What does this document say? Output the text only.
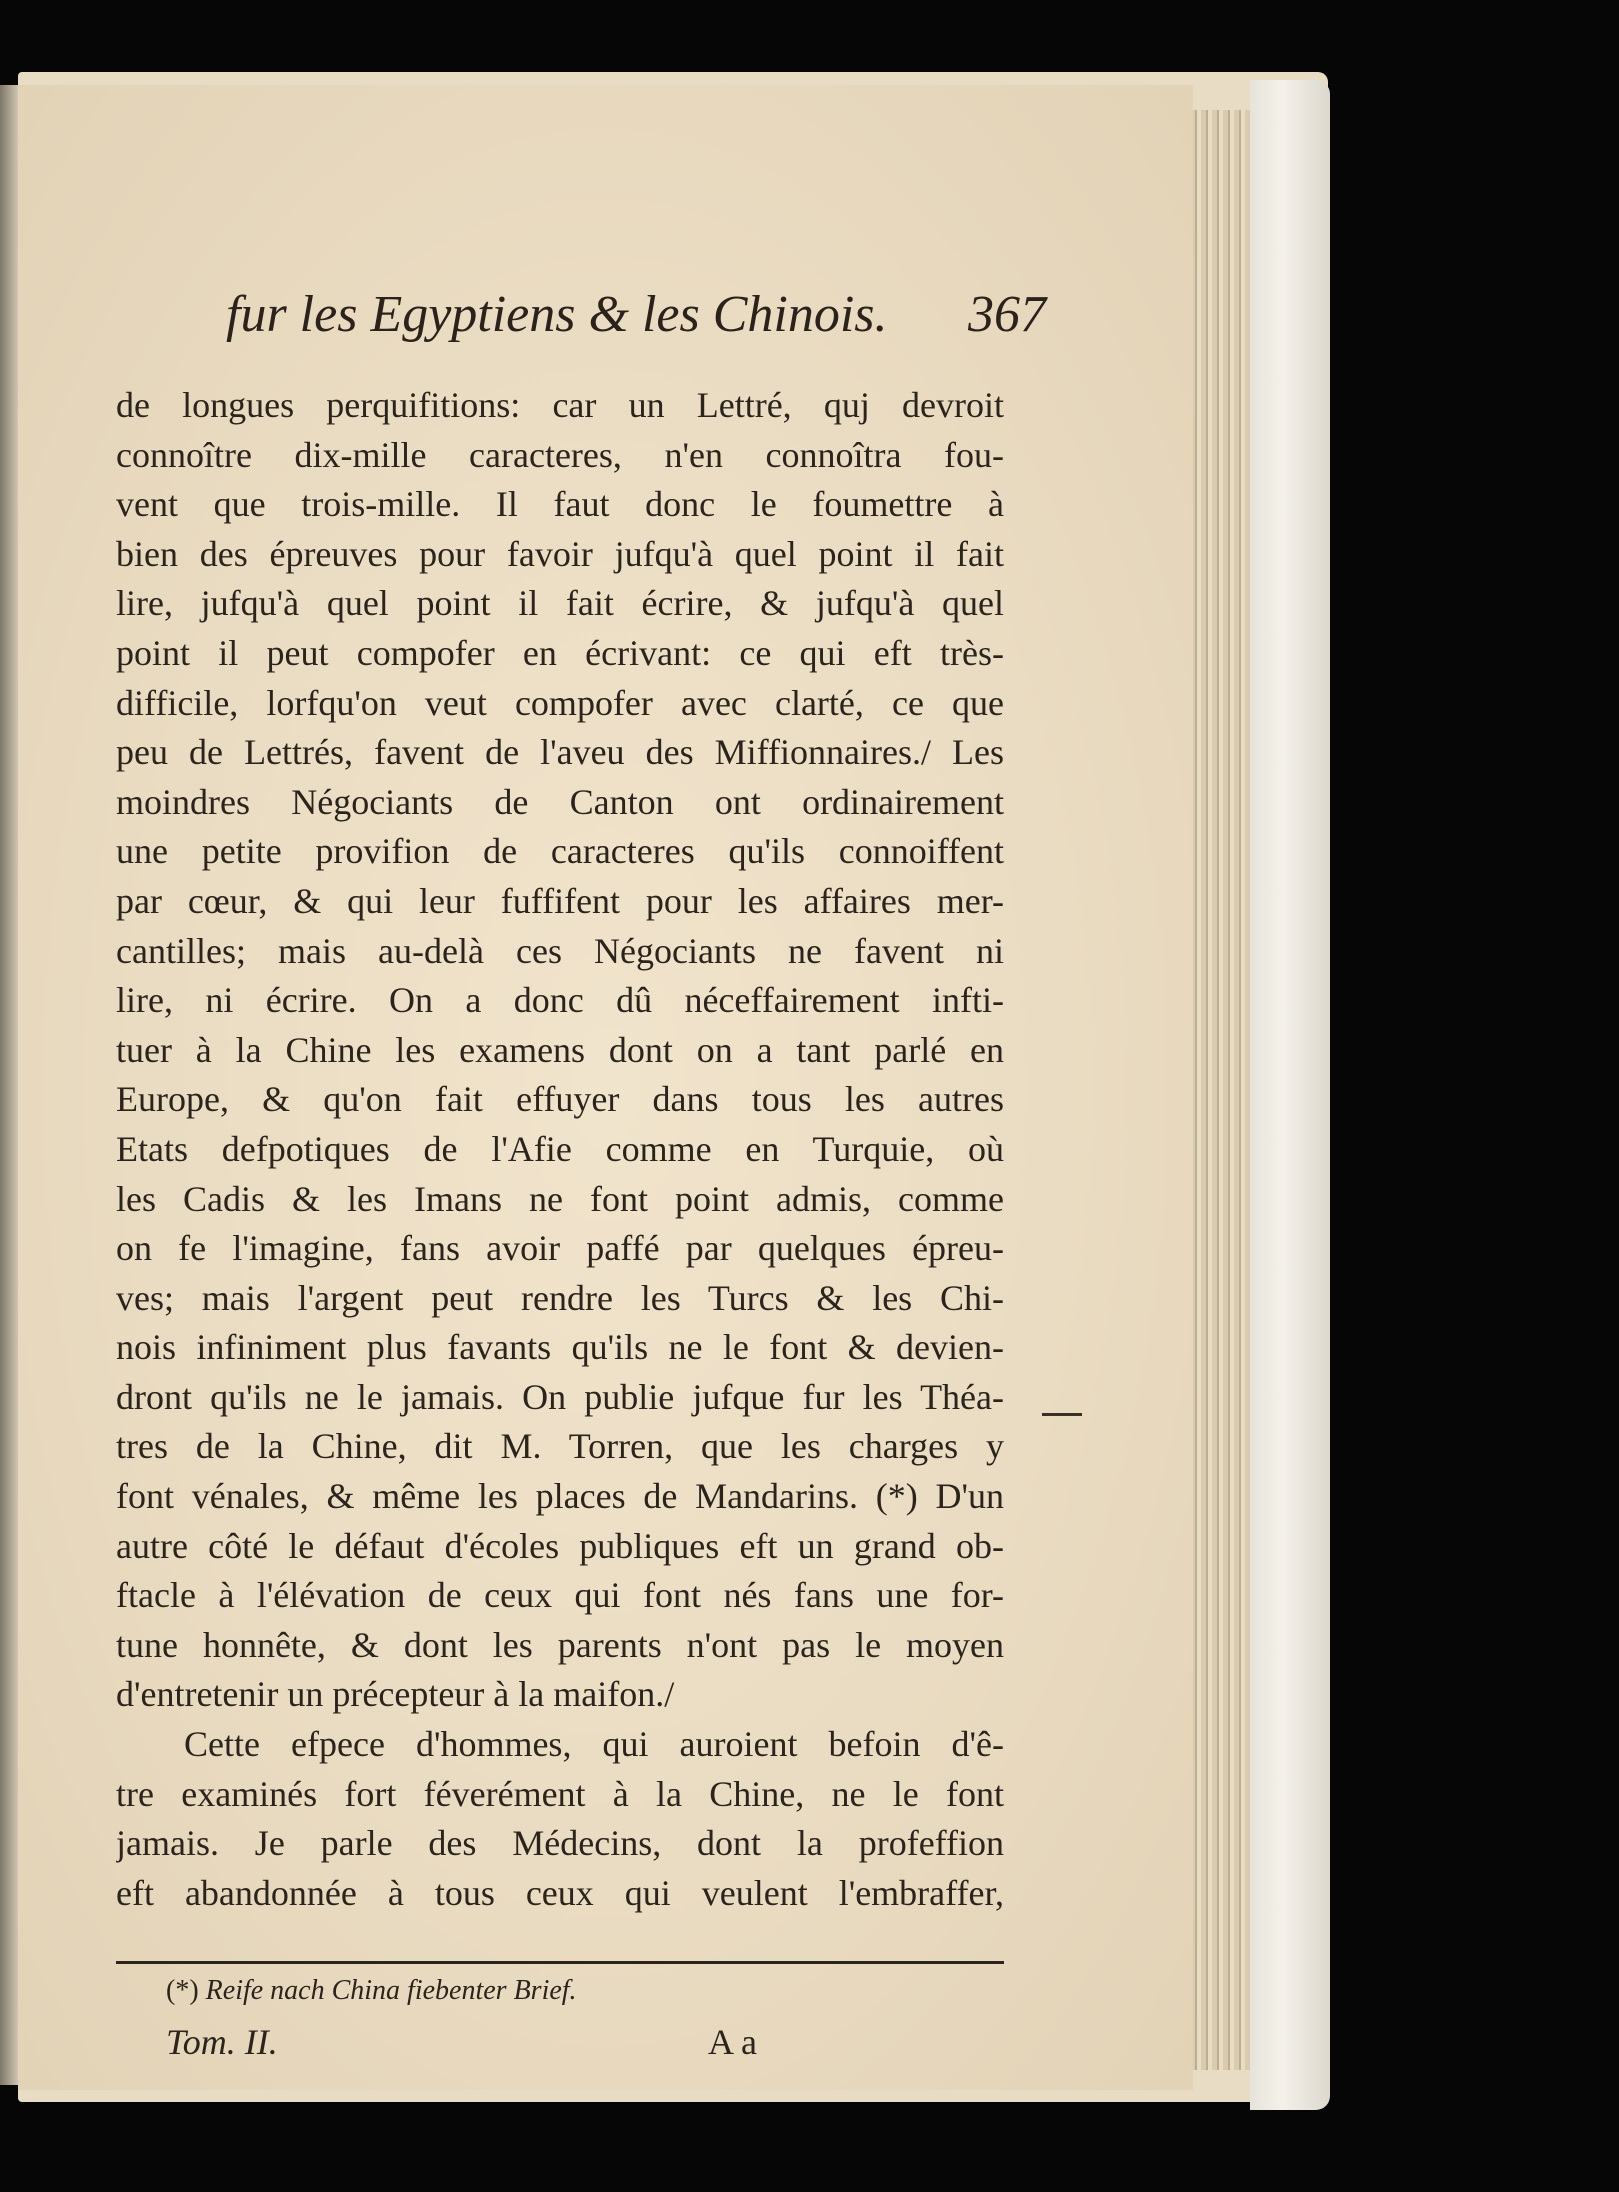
fur les Egyptiens & les Chinois. 367
de longues perquifitions: car un Lettré, quj devroit
connoître dix-mille caracteres, n'en connoîtra fou-
vent que trois-mille. Il faut donc le foumettre à
bien des épreuves pour favoir jufqu'à quel point il fait
lire, jufqu'à quel point il fait écrire, & jufqu'à quel
point il peut compofer en écrivant: ce qui eft très-
difficile, lorfqu'on veut compofer avec clarté, ce que
peu de Lettrés, favent de l'aveu des Miffionnaires./ Les
moindres Négociants de Canton ont ordinairement
une petite provifion de caracteres qu'ils connoiffent
par cœur, & qui leur fuffifent pour les affaires mer-
cantilles; mais au-delà ces Négociants ne favent ni
lire, ni écrire. On a donc dû néceffairement infti-
tuer à la Chine les examens dont on a tant parlé en
Europe, & qu'on fait effuyer dans tous les autres
Etats defpotiques de l'Afie comme en Turquie, où
les Cadis & les Imans ne font point admis, comme
on fe l'imagine, fans avoir paffé par quelques épreu-
ves; mais l'argent peut rendre les Turcs & les Chi-
nois infiniment plus favants qu'ils ne le font & devien-
dront qu'ils ne le jamais. On publie jufque fur les Théa-
tres de la Chine, dit M. Torren, que les charges y
font vénales, & même les places de Mandarins. (*) D'un
autre côté le défaut d'écoles publiques eft un grand ob-
ftacle à l'élévation de ceux qui font nés fans une for-
tune honnête, & dont les parents n'ont pas le moyen
d'entretenir un précepteur à la maifon./
Cette efpece d'hommes, qui auroient befoin d'ê-
tre examinés fort féverément à la Chine, ne le font
jamais. Je parle des Médecins, dont la profeffion
eft abandonnée à tous ceux qui veulent l'embraffer,
(*) Reife nach China fiebenter Brief.
Tom. II.	A a
